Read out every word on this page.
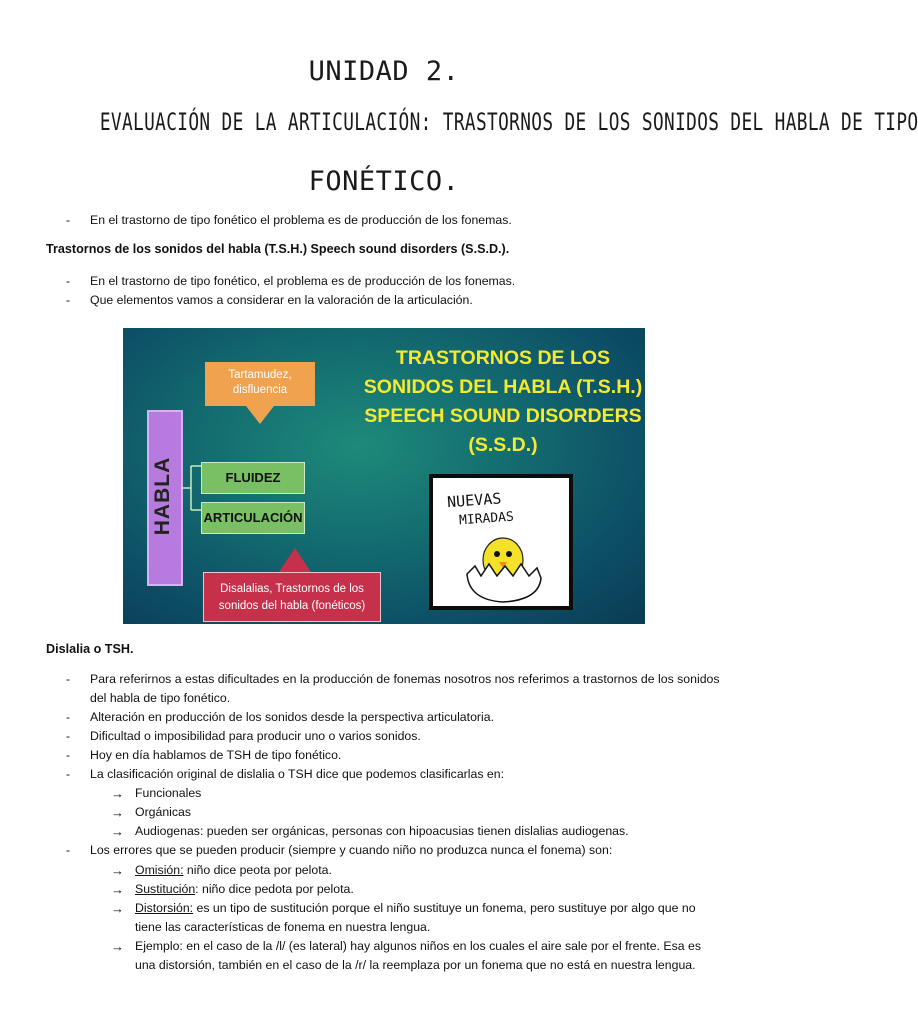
UNIDAD 2.
EVALUACIÓN DE LA ARTICULACIÓN: TRASTORNOS DE LOS SONIDOS DEL HABLA DE TIPO
FONÉTICO.
-	En el trastorno de tipo fonético el problema es de producción de los fonemas.
Trastornos de los sonidos del habla (T.S.H.) Speech sound disorders (S.S.D.).
-	En el trastorno de tipo fonético, el problema es de producción de los fonemas.
-	Que elementos vamos a considerar en la valoración de la articulación.
TRASTORNOS DE LOS
SONIDOS DEL HABLA (T.S.H.)
SPEECH SOUND DISORDERS
(S.S.D.)
Tartamudez,
disfluencia
HABLA	FLUIDEZ
ARTICULACIÓN
Disalalias, Trastornos de los
sonidos del habla (fonéticos)
NUEVAS
MIRADAS
Dislalia o TSH.
-	Para referirnos a estas dificultades en la producción de fonemas nosotros nos referimos a trastornos de los sonidos
del habla de tipo fonético.
-	Alteración en producción de los sonidos desde la perspectiva articulatoria.
-	Dificultad o imposibilidad para producir uno o varios sonidos.
-	Hoy en día hablamos de TSH de tipo fonético.
-	La clasificación original de dislalia o TSH dice que podemos clasificarlas en:
→ Funcionales
→ Orgánicas
→ Audiogenas: pueden ser orgánicas, personas con hipoacusias tienen dislalias audiogenas.
-	Los errores que se pueden producir (siempre y cuando niño no produzca nunca el fonema) son:
→ Omisión: niño dice peota por pelota.
→ Sustitución: niño dice pedota por pelota.
→ Distorsión: es un tipo de sustitución porque el niño sustituye un fonema, pero sustituye por algo que no
tiene las características de fonema en nuestra lengua.
→ Ejemplo: en el caso de la /l/ (es lateral) hay algunos niños en los cuales el aire sale por el frente. Esa es
una distorsión, también en el caso de la /r/ la reemplaza por un fonema que no está en nuestra lengua.
